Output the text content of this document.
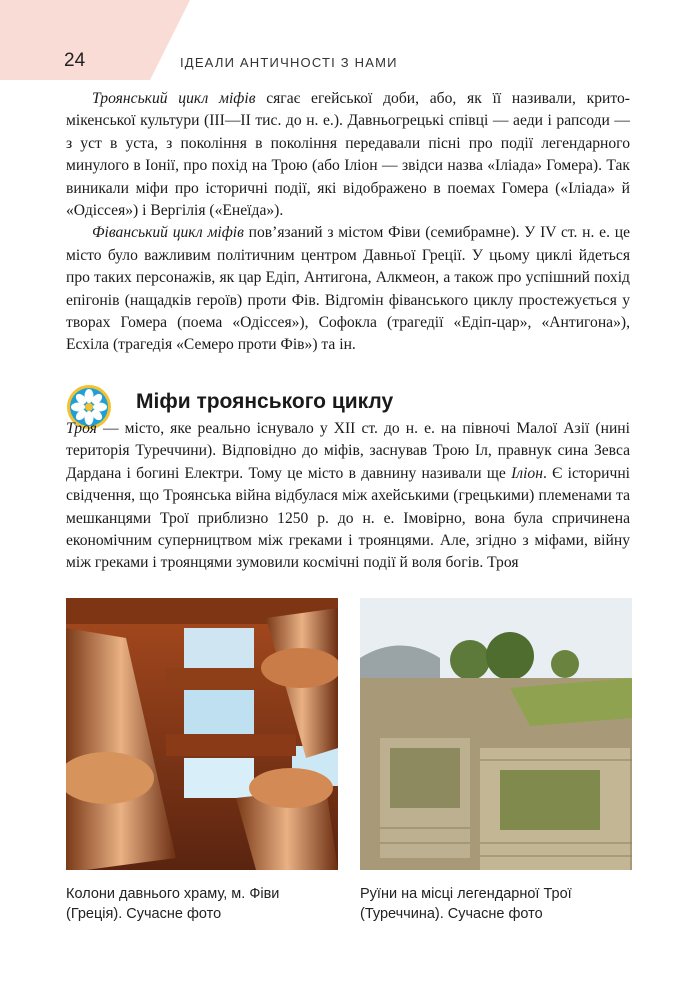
24	ІДЕАЛИ АНТИЧНОСТІ З НАМИ

Троянський цикл міфів сягає егейської доби, або, як її називали, крито-мікенської культури (ІІІ—ІІ тис. до н. е.). Давньогрецькі співці — аеди і рапсоди — з уст в уста, з покоління в покоління передавали пісні про події легендарного минулого в Іонії, про похід на Трою (або Іліон — звідси назва «Іліада» Гомера). Так виникали міфи про історичні події, які відображено в поемах Гомера («Іліада» й «Одіссея») і Вергілія («Енеїда»).

Фіванський цикл міфів пов’язаний з містом Фіви (семибрамне). У IV ст. н. е. це місто було важливим політичним центром Давньої Греції. У цьому циклі йдеться про таких персонажів, як цар Едіп, Антигона, Алкмеон, а також про успішний похід епігонів (нащадків героїв) проти Фів. Відгомін фіванського циклу простежується у творах Гомера (поема «Одіссея»), Софокла (трагедії «Едіп-цар», «Антигона»), Есхіла (трагедія «Семеро проти Фів») та ін.

Міфи троянського циклу

Троя — місто, яке реально існувало у XII ст. до н. е. на півночі Малої Азії (нині територія Туреччини). Відповідно до міфів, заснував Трою Іл, правнук сина Зевса Дардана і богині Електри. Тому це місто в давнину називали ще Іліон. Є історичні свідчення, що Троянська війна відбулася між ахейськими (грецькими) племенами та мешканцями Трої приблизно 1250 р. до н. е. Імовірно, вона була спричинена економічним суперництвом між греками і троянцями. Але, згідно з міфами, війну між греками і троянцями зумовили космічні події й воля богів. Троя

Колони давнього храму, м. Фіви (Греція). Сучасне фото
Руїни на місці легендарної Трої (Туреччина). Сучасне фото
